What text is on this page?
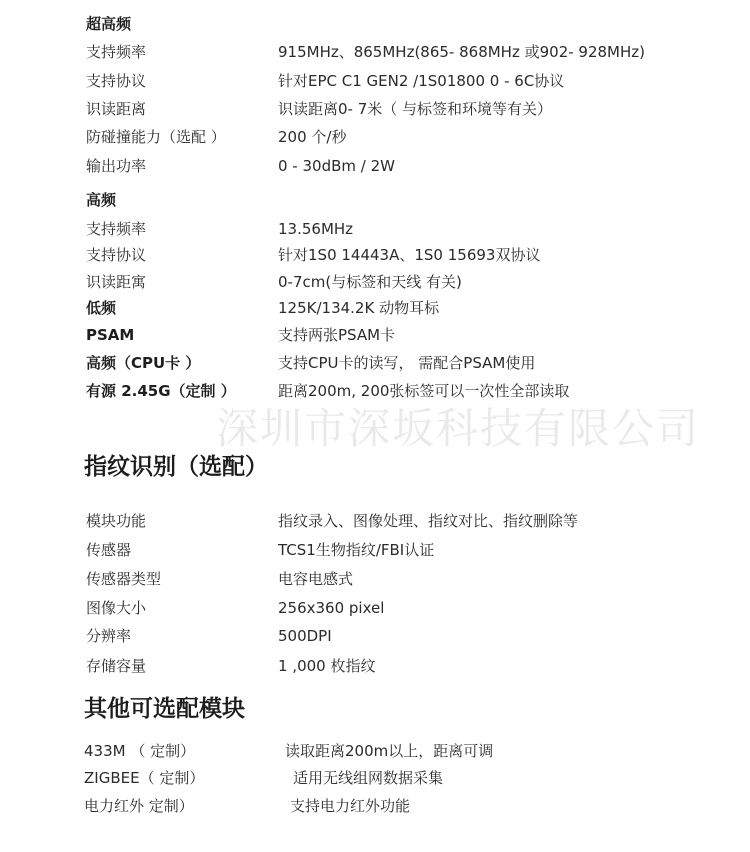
深圳市深坂科技有限公司
超高频
支持频率	915MHz、865MHz(865- 868MHz 或902- 928MHz)
支持协议	针对EPC C1 GEN2 /1S01800 0 - 6C协议
识读距离	识读距离0- 7米（ 与标签和环境等有关）
防碰撞能力（选配 ）	200 个/秒
输出功率	0 - 30dBm / 2W
高频
支持频率	13.56MHz
支持协议	针对1S0 14443A、1S0 15693双协议
识读距寓	0-7cm(与标签和天线 有关)
低频	125K/134.2K 动物耳标
PSAM	支持两张PSAM卡
高频（CPU卡 ）	支持CPU卡的读写， 需配合PSAM使用
有源 2.45G（定制 ）	距离200m, 200张标签可以一次性全部读取
指纹识别（选配）
模块功能	指纹录入、图像处理、指纹对比、指纹删除等
传感器	TCS1生物指纹/FBI认证
传感器类型	电容电感式
图像大小	256x360 pixel
分辨率	500DPI
存储容量	1 ,000 枚指纹
其他可选配模块
433M （ 定制）	读取距离200m以上，距离可调
ZIGBEE（ 定制）	适用无线组网数据采集
电力红外 定制）	支持电力红外功能
